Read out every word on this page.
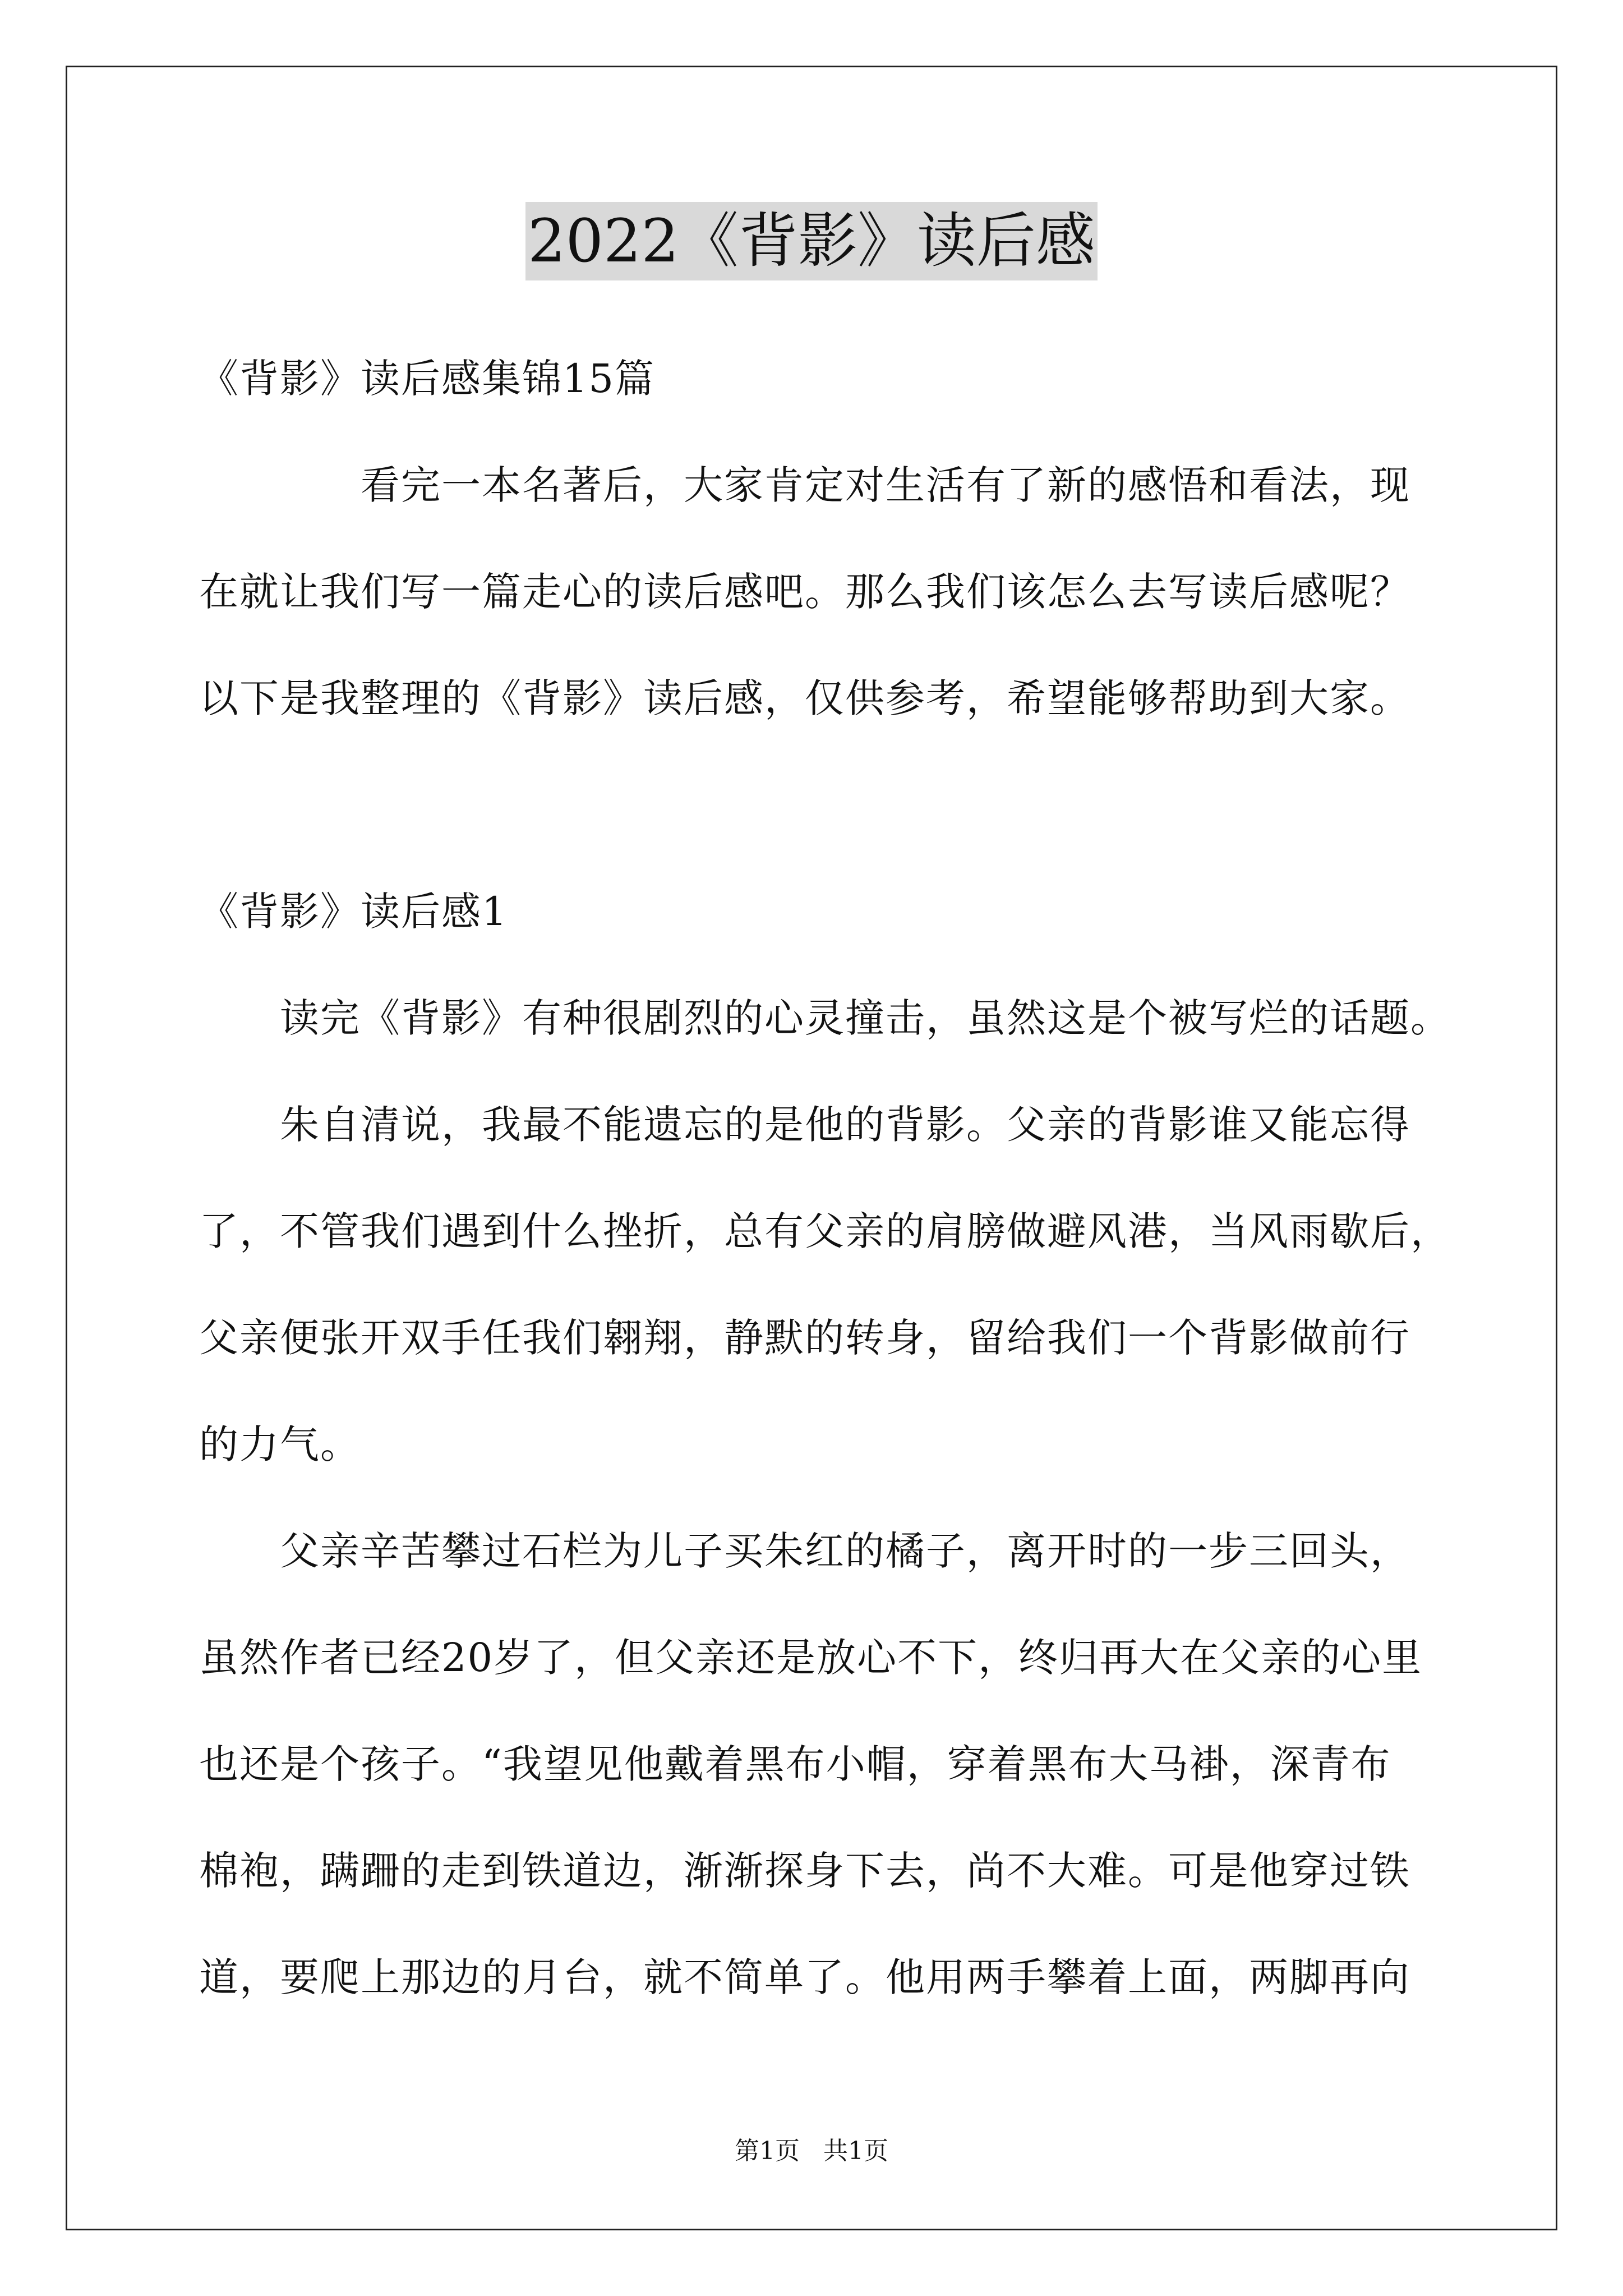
2022《背影》读后感
《背影》读后感集锦15篇
　　　　看完一本名著后，大家肯定对生活有了新的感悟和看法，现
在就让我们写一篇走心的读后感吧。那么我们该怎么去写读后感呢？
以下是我整理的《背影》读后感，仅供参考，希望能够帮助到大家。
《背影》读后感1
　　读完《背影》有种很剧烈的心灵撞击，虽然这是个被写烂的话题。
　　朱自清说，我最不能遗忘的是他的背影。父亲的背影谁又能忘得
了，不管我们遇到什么挫折，总有父亲的肩膀做避风港，当风雨歇后，
父亲便张开双手任我们翱翔，静默的转身，留给我们一个背影做前行
的力气。
　　父亲辛苦攀过石栏为儿子买朱红的橘子，离开时的一步三回头，
虽然作者已经20岁了，但父亲还是放心不下，终归再大在父亲的心里
也还是个孩子。“我望见他戴着黑布小帽，穿着黑布大马褂，深青布
棉袍，蹒跚的走到铁道边，渐渐探身下去，尚不大难。可是他穿过铁
道，要爬上那边的月台，就不简单了。他用两手攀着上面，两脚再向
第1页   共1页
